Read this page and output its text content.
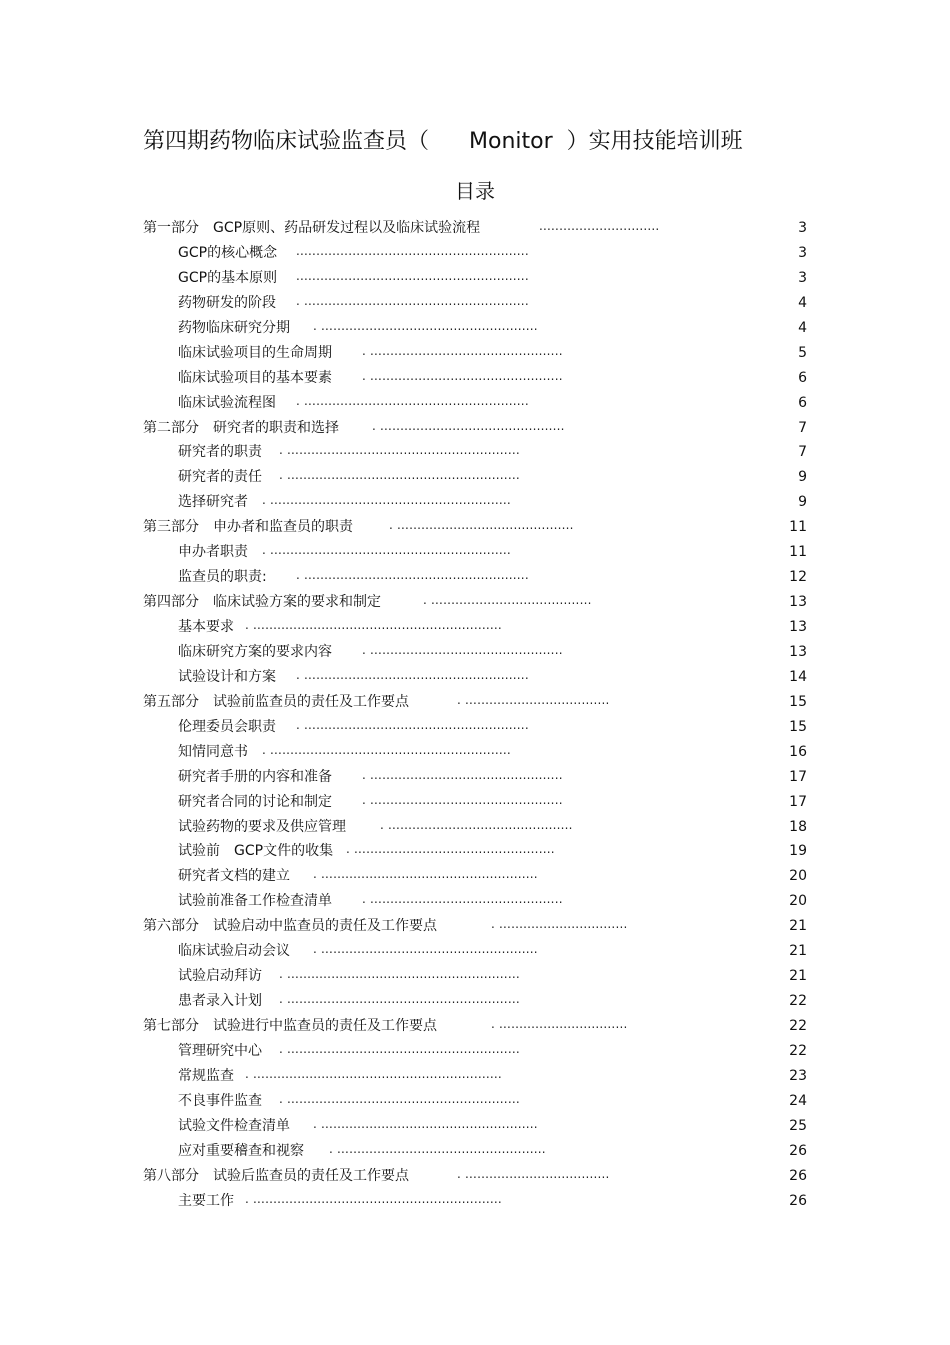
第四期药物临床试验监查员（ Monitor ）实用技能培训班
目录
第一部分　GCP原则、药品研发过程以及临床试验流程	..............................	3
GCP的核心概念 ..........................................................	3
GCP的基本原则 ..........................................................	3
药物研发的阶段 . ........................................................	4
药物临床研究分期 . ......................................................	4
临床试验项目的生命周期	. ................................................	5
临床试验项目的基本要素	. ................................................	6
临床试验流程图 . ........................................................	6
第二部分　研究者的职责和选择	. ..............................................	7
研究者的职责 . ..........................................................	7
研究者的责任 . ..........................................................	9
选择研究者 . ............................................................	9
第三部分　申办者和监查员的职责	. ............................................	11
申办者职责 . ............................................................	11
监查员的职责: . ........................................................	12
第四部分　临床试验方案的要求和制定	. ........................................	13
基本要求 . ..............................................................	13
临床研究方案的要求内容	. ................................................	13
试验设计和方案 . ........................................................	14
第五部分　试验前监查员的责任及工作要点	. ....................................	15
伦理委员会职责 . ........................................................	15
知情同意书 . ............................................................	16
研究者手册的内容和准备	. ................................................	17
研究者合同的讨论和制定	. ................................................	17
试验药物的要求及供应管理	. ..............................................	18
试验前　GCP文件的收集 . ..................................................	19
研究者文档的建立 . ......................................................	20
试验前准备工作检查清单	. ................................................	20
第六部分　试验启动中监查员的责任及工作要点	. ................................	21
临床试验启动会议 . ......................................................	21
试验启动拜访 . ..........................................................	21
患者录入计划 . ..........................................................	22
第七部分　试验进行中监查员的责任及工作要点	. ................................	22
管理研究中心 . ..........................................................	22
常规监查 . ..............................................................	23
不良事件监查 . ..........................................................	24
试验文件检查清单 . ......................................................	25
应对重要稽查和视察 . ....................................................	26
第八部分　试验后监查员的责任及工作要点	. ....................................	26
主要工作 . ..............................................................	26
